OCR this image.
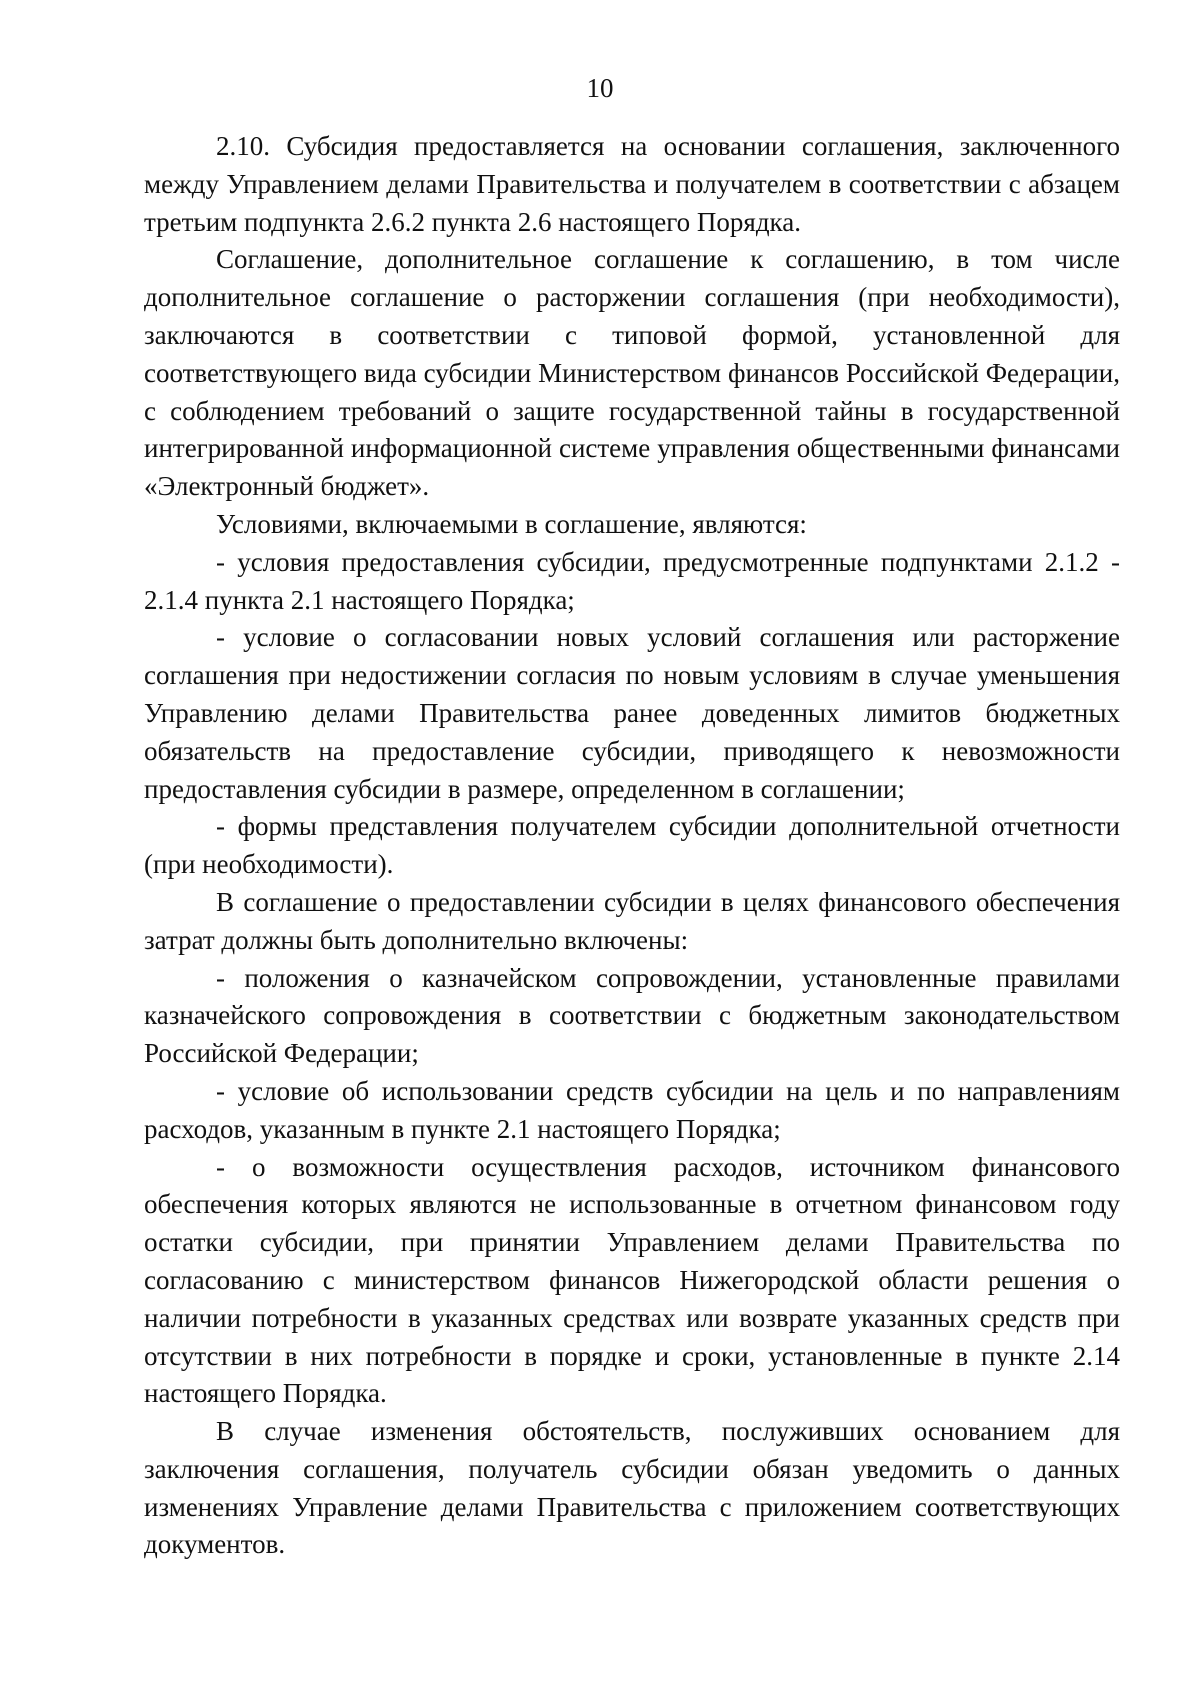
10

2.10. Субсидия предоставляется на основании соглашения, заключенного между Управлением делами Правительства и получателем в соответствии с абзацем третьим подпункта 2.6.2 пункта 2.6 настоящего Порядка.

Соглашение, дополнительное соглашение к соглашению, в том числе дополнительное соглашение о расторжении соглашения (при необходимости), заключаются в соответствии с типовой формой, установленной для соответствующего вида субсидии Министерством финансов Российской Федерации, с соблюдением требований о защите государственной тайны в государственной интегрированной информационной системе управления общественными финансами «Электронный бюджет».

Условиями, включаемыми в соглашение, являются:

- условия предоставления субсидии, предусмотренные подпунктами 2.1.2 - 2.1.4 пункта 2.1 настоящего Порядка;

- условие о согласовании новых условий соглашения или расторжение соглашения при недостижении согласия по новым условиям в случае уменьшения Управлению делами Правительства ранее доведенных лимитов бюджетных обязательств на предоставление субсидии, приводящего к невозможности предоставления субсидии в размере, определенном в соглашении;

- формы представления получателем субсидии дополнительной отчетности (при необходимости).

В соглашение о предоставлении субсидии в целях финансового обеспечения затрат должны быть дополнительно включены:

- положения о казначейском сопровождении, установленные правилами казначейского сопровождения в соответствии с бюджетным законодательством Российской Федерации;

- условие об использовании средств субсидии на цель и по направлениям расходов, указанным в пункте 2.1 настоящего Порядка;

- о возможности осуществления расходов, источником финансового обеспечения которых являются не использованные в отчетном финансовом году остатки субсидии, при принятии Управлением делами Правительства по согласованию с министерством финансов Нижегородской области решения о наличии потребности в указанных средствах или возврате указанных средств при отсутствии в них потребности в порядке и сроки, установленные в пункте 2.14 настоящего Порядка.

В случае изменения обстоятельств, послуживших основанием для заключения соглашения, получатель субсидии обязан уведомить о данных изменениях Управление делами Правительства с приложением соответствующих документов.
